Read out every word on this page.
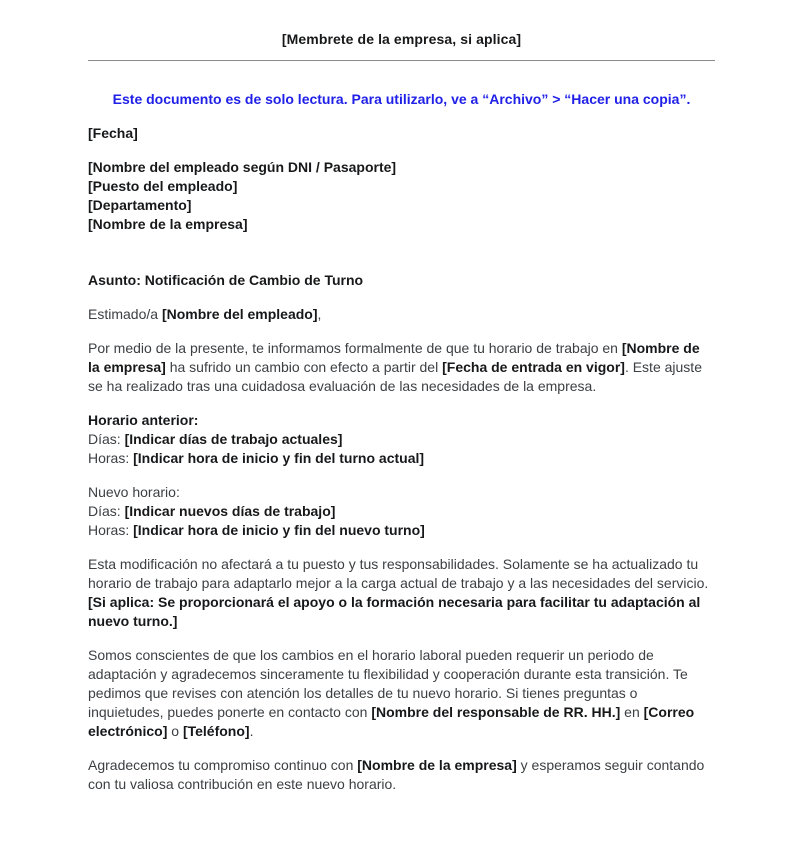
[Membrete de la empresa, si aplica]
Este documento es de solo lectura. Para utilizarlo, ve a “Archivo” > “Hacer una copia”.
[Fecha]
[Nombre del empleado según DNI / Pasaporte]
[Puesto del empleado]
[Departamento]
[Nombre de la empresa]
Asunto: Notificación de Cambio de Turno
Estimado/a [Nombre del empleado],
Por medio de la presente, te informamos formalmente de que tu horario de trabajo en [Nombre de la empresa] ha sufrido un cambio con efecto a partir del [Fecha de entrada en vigor]. Este ajuste se ha realizado tras una cuidadosa evaluación de las necesidades de la empresa.
Horario anterior:
Días: [Indicar días de trabajo actuales]
Horas: [Indicar hora de inicio y fin del turno actual]
Nuevo horario:
Días: [Indicar nuevos días de trabajo]
Horas: [Indicar hora de inicio y fin del nuevo turno]
Esta modificación no afectará a tu puesto y tus responsabilidades. Solamente se ha actualizado tu horario de trabajo para adaptarlo mejor a la carga actual de trabajo y a las necesidades del servicio. [Si aplica: Se proporcionará el apoyo o la formación necesaria para facilitar tu adaptación al nuevo turno.]
Somos conscientes de que los cambios en el horario laboral pueden requerir un periodo de adaptación y agradecemos sinceramente tu flexibilidad y cooperación durante esta transición. Te pedimos que revises con atención los detalles de tu nuevo horario. Si tienes preguntas o inquietudes, puedes ponerte en contacto con [Nombre del responsable de RR. HH.] en [Correo electrónico] o [Teléfono].
Agradecemos tu compromiso continuo con [Nombre de la empresa] y esperamos seguir contando con tu valiosa contribución en este nuevo horario.
